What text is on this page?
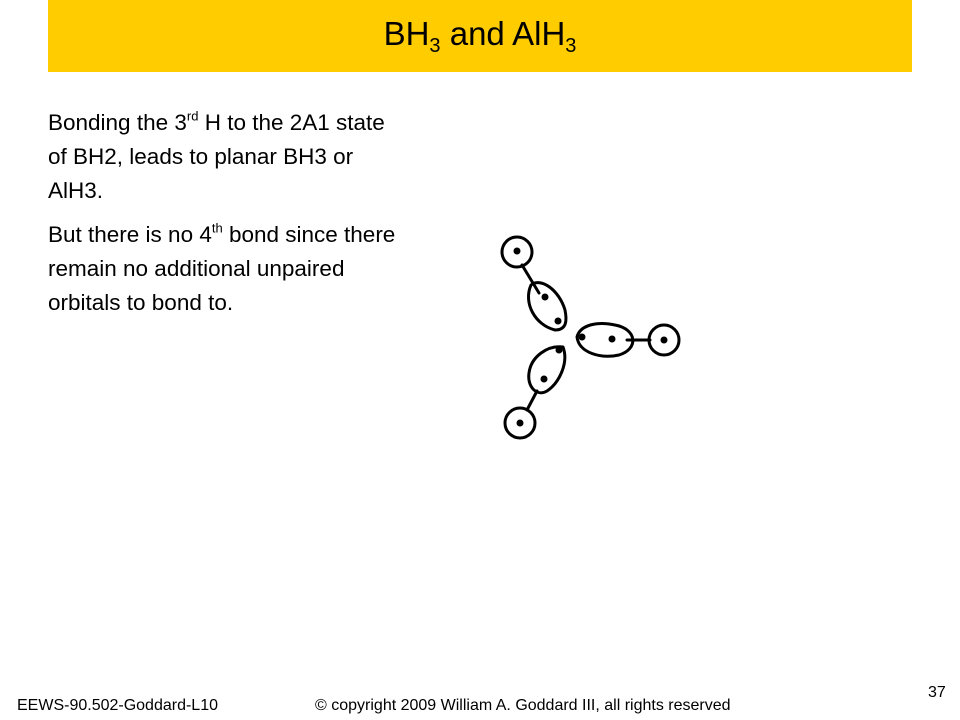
$BH_3$ and AlH$_3$

Bonding the 3rd H to the 2A1 state of BH2, leads to planar BH3 or AlH3.

But there is no 4th bond since there remain no additional unpaired orbitals to bond to.

EEWS-90.502-Goddard-L10	© copyright 2009 William A. Goddard III, all rights reserved
37
